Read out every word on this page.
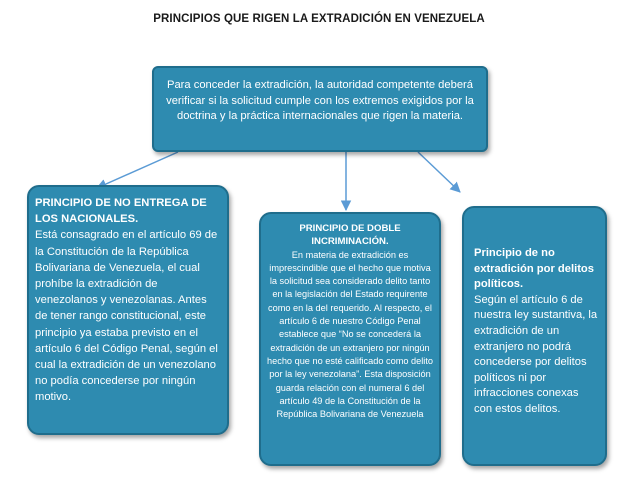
PRINCIPIOS QUE RIGEN LA EXTRADICIÓN EN VENEZUELA
Para conceder la extradición, la autoridad competente deberá verificar si la solicitud cumple con los extremos exigidos por la doctrina y la práctica internacionales que rigen la materia.
PRINCIPIO DE NO ENTREGA DE LOS NACIONALES.
Está consagrado en el artículo 69 de la Constitución de la República Bolivariana de Venezuela, el cual prohíbe la extradición de venezolanos y venezolanas. Antes de tener rango constitucional, este principio ya estaba previsto en el artículo 6 del Código Penal, según el cual la extradición de un venezolano no podía concederse por ningún motivo.
PRINCIPIO DE DOBLE INCRIMINACIÓN.
En materia de extradición es imprescindible que el hecho que motiva la solicitud sea considerado delito tanto en la legislación del Estado requirente como en la del requerido. Al respecto, el artículo 6 de nuestro Código Penal establece que “No se concederá la extradición de un extranjero por ningún hecho que no esté calificado como delito por la ley venezolana”. Esta disposición guarda relación con el numeral 6 del artículo 49 de la Constitución de la República Bolivariana de Venezuela
Principio de no extradición por delitos políticos.
Según el artículo 6 de nuestra ley sustantiva, la extradición de un extranjero no podrá concederse por delitos políticos ni por infracciones conexas con estos delitos.
